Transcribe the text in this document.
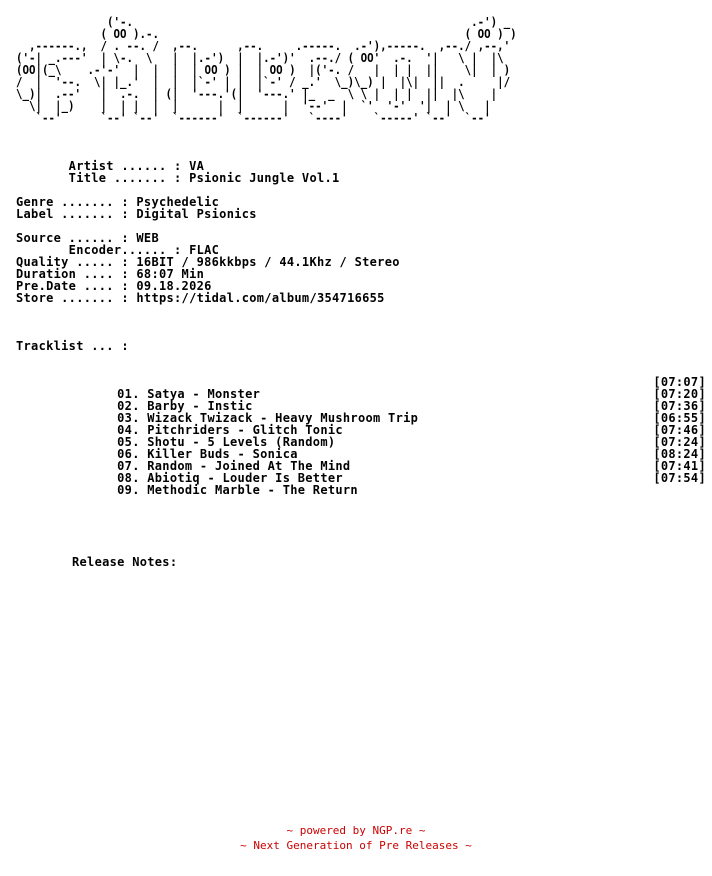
('-.                                                    .-') _
( OO ).-.                                               ( OO ) )
,------.,  / . --. /  ,--.      ,--.     .-----.  .-'),-----.  ,--./ ,--,'
('-| _.---'  | \-.  \   |  |.-')  |  |.-')'  .--./ ( OO'  .-.  '|   \ |  |\
(OO|(_\    .-'-'  |  |  |  | OO ) |  | OO )  |('-. /   |  | |  ||    \|  | )
/  |  '--.  \| |_.'  |  |  |`-' | |  |`-' / _.'  \_)\_) |  |\|  ||  .     |/
\_)|  .--'   |  .-.  | (|  '---.'(|  '---.' |_  _  \ \ |  | |  ||  |\    |
\|  |_)    |  | |  |  |      |  |      |  '--'  |  `'  '-'  '|  | \   |
`--'      `--' `--'  `------'  `------'   `----'    `-----' `--'  `--'
Artist ...... : VA
Title ....... : Psionic Jungle Vol.1
Genre ....... : Psychedelic
Label ....... : Digital Psionics
Source ...... : WEB
Encoder...... : FLAC
Quality ..... : 16BIT / 986kkbps / 44.1Khz / Stereo
Duration .... : 68:07 Min
Pre.Date .... : 09.18.2026
Store ....... : https://tidal.com/album/354716655
Tracklist ... :

01. Satya - Monster

[07:07]

02. Barby - Instic

[07:20]

03. Wizack Twizack - Heavy Mushroom Trip

[07:36]

04. Pitchriders - Glitch Tonic

[06:55]

05. Shotu - 5 Levels (Random)

[07:46]

06. Killer Buds - Sonica

[07:24]

07. Random - Joined At The Mind

[08:24]

08. Abiotiq - Louder Is Better

[07:41]

09. Methodic Marble - The Return

[07:54]

Release Notes:
~ powered by NGP.re ~
~ Next Generation of Pre Releases ~
